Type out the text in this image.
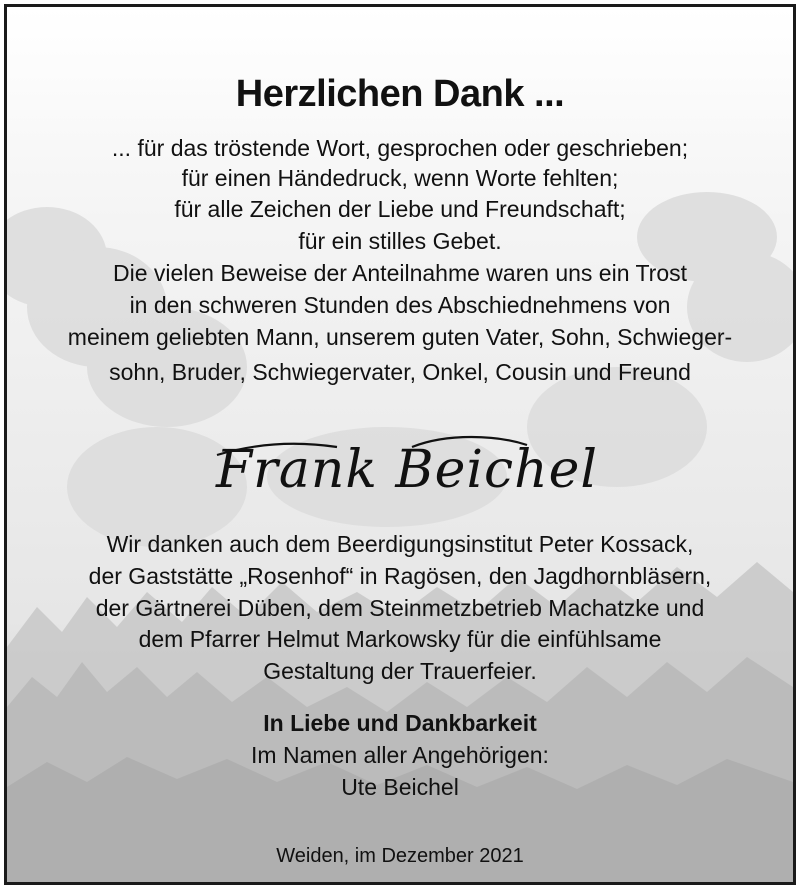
Herzlichen Dank ...
... für das tröstende Wort, gesprochen oder geschrieben;
für einen Händedruck, wenn Worte fehlten;
für alle Zeichen der Liebe und Freundschaft;
für ein stilles Gebet.
Die vielen Beweise der Anteilnahme waren uns ein Trost
in den schweren Stunden des Abschiednehmens von
meinem geliebten Mann, unserem guten Vater, Sohn, Schwieger-
sohn, Bruder, Schwiegervater, Onkel, Cousin und Freund
Frank Beichel
Wir danken auch dem Beerdigungsinstitut Peter Kossack,
der Gaststätte „Rosenhof“ in Ragösen, den Jagdhornbläsern,
der Gärtnerei Düben, dem Steinmetzbetrieb Machatzke und
dem Pfarrer Helmut Markowsky für die einfühlsame
Gestaltung der Trauerfeier.
In Liebe und Dankbarkeit
Im Namen aller Angehörigen:
Ute Beichel
Weiden, im Dezember 2021
